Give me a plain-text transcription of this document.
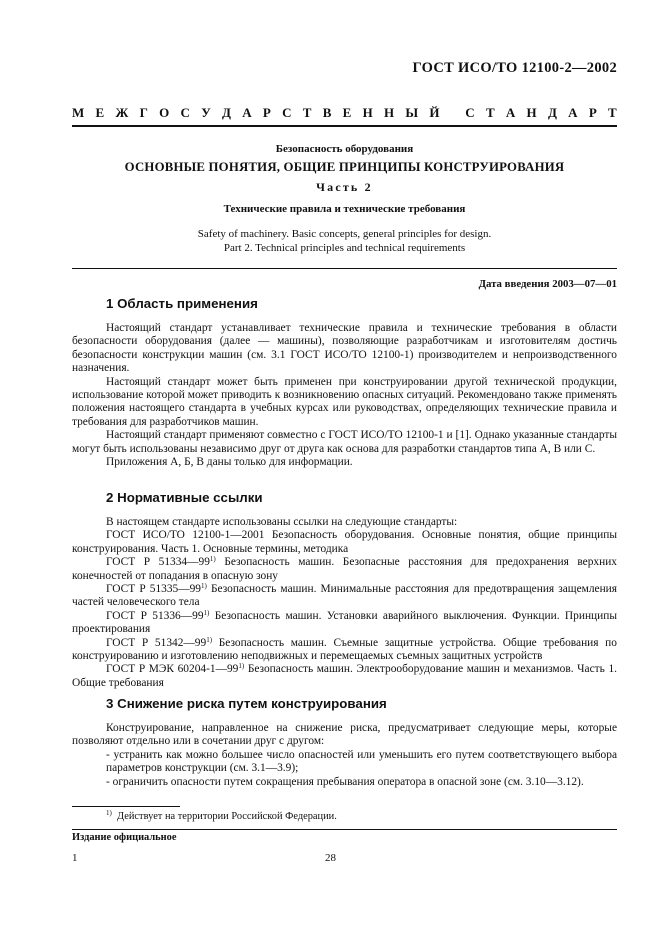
ГОСТ ИСО/ТО 12100-2—2002
М Е Ж Г О С У Д А Р С Т В Е Н Н Ы Й
С Т А Н Д А Р Т
Безопасность оборудования
ОСНОВНЫЕ ПОНЯТИЯ, ОБЩИЕ ПРИНЦИПЫ КОНСТРУИРОВАНИЯ
Часть 2
Технические правила и технические требования
Safety of machinery. Basic concepts, general principles for design.
Part 2. Technical principles and technical requirements
Дата введения 2003—07—01
1 Область применения
Настоящий стандарт устанавливает технические правила и технические требования в области безопасности оборудования (далее — машины), позволяющие разработчикам и изготовителям достичь безопасности конструкции машин (см. 3.1 ГОСТ ИСО/ТО 12100-1) производителем и непроизводственного назначения.
Настоящий стандарт может быть применен при конструировании другой технической продукции, использование которой может приводить к возникновению опасных ситуаций. Рекомендовано также применять положения настоящего стандарта в учебных курсах или руководствах, определяющих технические правила и требования для разработчиков машин.
Настоящий стандарт применяют совместно с ГОСТ ИСО/ТО 12100-1 и [1]. Однако указанные стандарты могут быть использованы независимо друг от друга как основа для разработки стандартов типа А, В или С.
Приложения А, Б, В даны только для информации.
2 Нормативные ссылки
В настоящем стандарте использованы ссылки на следующие стандарты:
ГОСТ ИСО/ТО 12100-1—2001 Безопасность оборудования. Основные понятия, общие принципы конструирования. Часть 1. Основные термины, методика
ГОСТ Р 51334—99$^{1)}$ Безопасность машин. Безопасные расстояния для предохранения верхних конечностей от попадания в опасную зону
ГОСТ Р 51335—99$^{1)}$ Безопасность машин. Минимальные расстояния для предотвращения защемления частей человеческого тела
ГОСТ Р 51336—99$^{1)}$ Безопасность машин. Установки аварийного выключения. Функции. Принципы проектирования
ГОСТ Р 51342—99$^{1)}$ Безопасность машин. Съемные защитные устройства. Общие требования по конструированию и изготовлению неподвижных и перемещаемых съемных защитных устройств
ГОСТ Р МЭК 60204-1—99$^{1)}$ Безопасность машин. Электрооборудование машин и механизмов. Часть 1. Общие требования
3 Снижение риска путем конструирования
Конструирование, направленное на снижение риска, предусматривает следующие меры, которые позволяют отдельно или в сочетании друг с другом:
- устранить как можно большее число опасностей или уменьшить его путем соответствующего выбора параметров конструкции (см. 3.1—3.9);
- ограничить опасности путем сокращения пребывания оператора в опасной зоне (см. 3.10—3.12).
$^{1)}$ Действует на территории Российской Федерации.
Издание официальное
1	28
